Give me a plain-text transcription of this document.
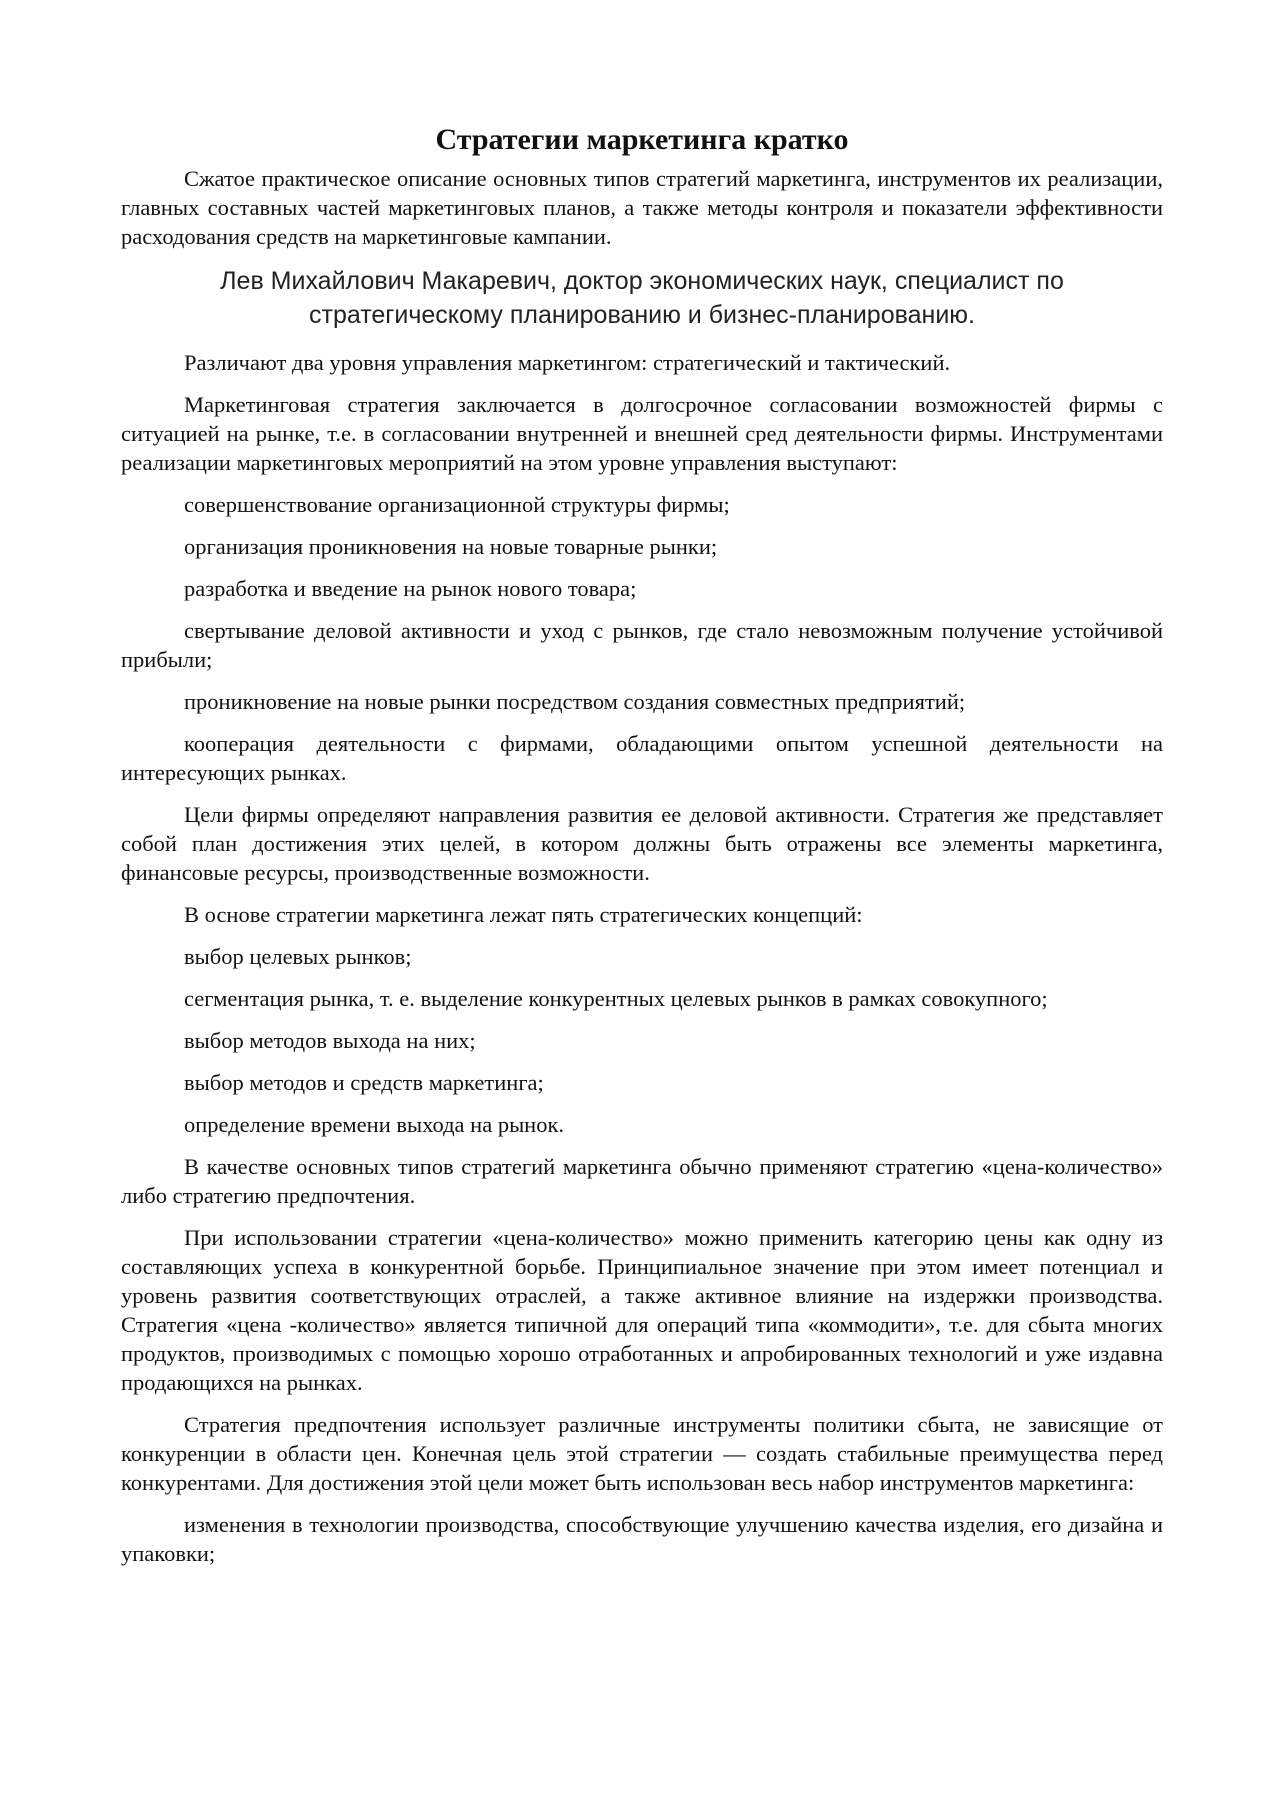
Стратегии маркетинга кратко

Сжатое практическое описание основных типов стратегий маркетинга, инструментов их реализации, главных составных частей маркетинговых планов, а также методы контроля и показатели эффективности расходования средств на маркетинговые кампании.

Лев Михайлович Макаревич, доктор экономических наук, специалист по стратегическому планированию и бизнес-планированию.

Различают два уровня управления маркетингом: стратегический и тактический.

Маркетинговая стратегия заключается в долгосрочное согласовании возможностей фирмы с ситуацией на рынке, т.е. в согласовании внутренней и внешней сред деятельности фирмы. Инструментами реализации маркетинговых мероприятий на этом уровне управления выступают:

совершенствование организационной структуры фирмы;

организация проникновения на новые товарные рынки;

разработка и введение на рынок нового товара;

свертывание деловой активности и уход с рынков, где стало невозможным получение устойчивой прибыли;

проникновение на новые рынки посредством создания совместных предприятий;

кооперация деятельности с фирмами, обладающими опытом успешной деятельности на интересующих рынках.

Цели фирмы определяют направления развития ее деловой активности. Стратегия же представляет собой план достижения этих целей, в котором должны быть отражены все элементы маркетинга, финансовые ресурсы, производственные возможности.

В основе стратегии маркетинга лежат пять стратегических концепций:

выбор целевых рынков;

сегментация рынка, т. е. выделение конкурентных целевых рынков в рамках совокупного;

выбор методов выхода на них;

выбор методов и средств маркетинга;

определение времени выхода на рынок.

В качестве основных типов стратегий маркетинга обычно применяют стратегию «цена-количество» либо стратегию предпочтения.

При использовании стратегии «цена-количество» можно применить категорию цены как одну из составляющих успеха в конкурентной борьбе. Принципиальное значение при этом имеет потенциал и уровень развития соответствующих отраслей, а также активное влияние на издержки производства. Стратегия «цена -количество» является типичной для операций типа «коммодити», т.е. для сбыта многих продуктов, производимых с помощью хорошо отработанных и апробированных технологий и уже издавна продающихся на рынках.

Стратегия предпочтения использует различные инструменты политики сбыта, не зависящие от конкуренции в области цен. Конечная цель этой стратегии — создать стабильные преимущества перед конкурентами. Для достижения этой цели может быть использован весь набор инструментов маркетинга:

изменения в технологии производства, способствующие улучшению качества изделия, его дизайна и упаковки;
